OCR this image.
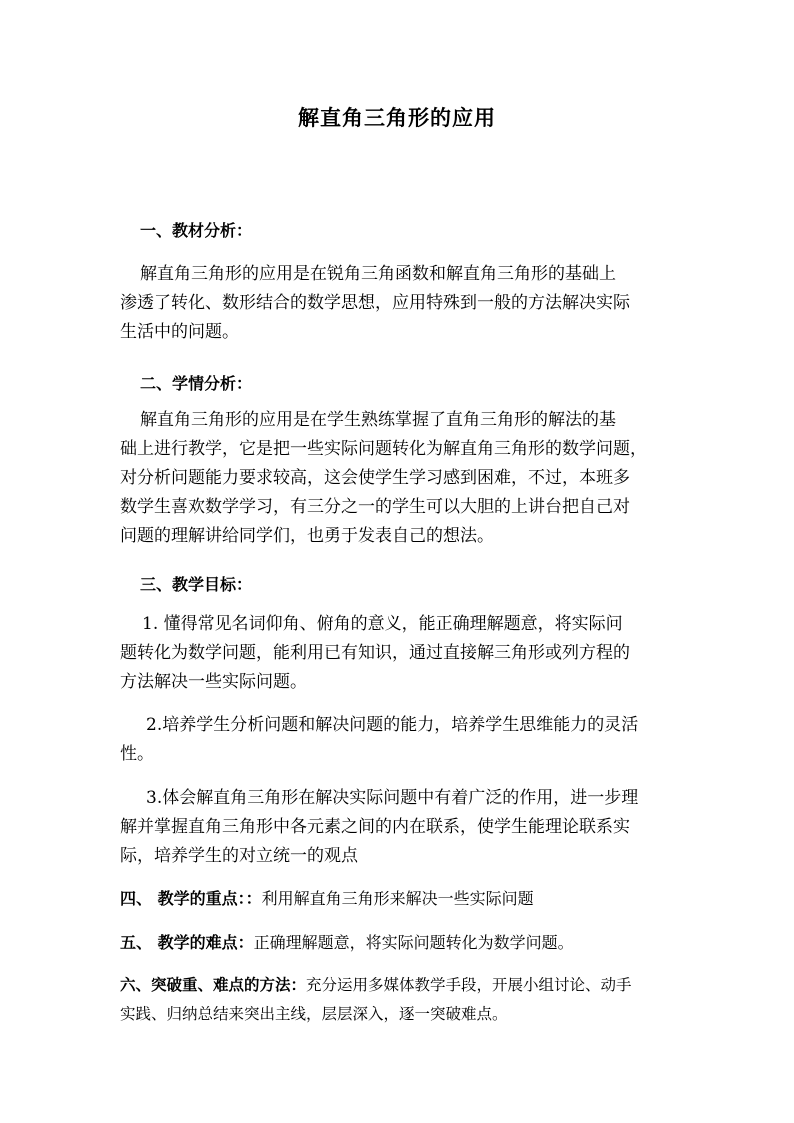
解直角三角形的应用
一、教材分析：
解直角三角形的应用是在锐角三角函数和解直角三角形的基础上
渗透了转化、数形结合的数学思想，应用特殊到一般的方法解决实际
生活中的问题。
二、学情分析：
解直角三角形的应用是在学生熟练掌握了直角三角形的解法的基
础上进行教学，它是把一些实际问题转化为解直角三角形的数学问题，
对分析问题能力要求较高，这会使学生学习感到困难，不过，本班多
数学生喜欢数学学习，有三分之一的学生可以大胆的上讲台把自己对
问题的理解讲给同学们，也勇于发表自己的想法。
三、教学目标：
1. 懂得常见名词仰角、俯角的意义，能正确理解题意，将实际问
题转化为数学问题，能利用已有知识，通过直接解三角形或列方程的
方法解决一些实际问题。
2.培养学生分析问题和解决问题的能力，培养学生思维能力的灵活
性。
3.体会解直角三角形在解决实际问题中有着广泛的作用，进一步理
解并掌握直角三角形中各元素之间的内在联系，使学生能理论联系实
际，培养学生的对立统一的观点
四、 教学的重点：：利用解直角三角形来解决一些实际问题
五、 教学的难点：正确理解题意，将实际问题转化为数学问题。
六、突破重、难点的方法：充分运用多媒体教学手段，开展小组讨论、动手
实践、归纳总结来突出主线，层层深入，逐一突破难点。
